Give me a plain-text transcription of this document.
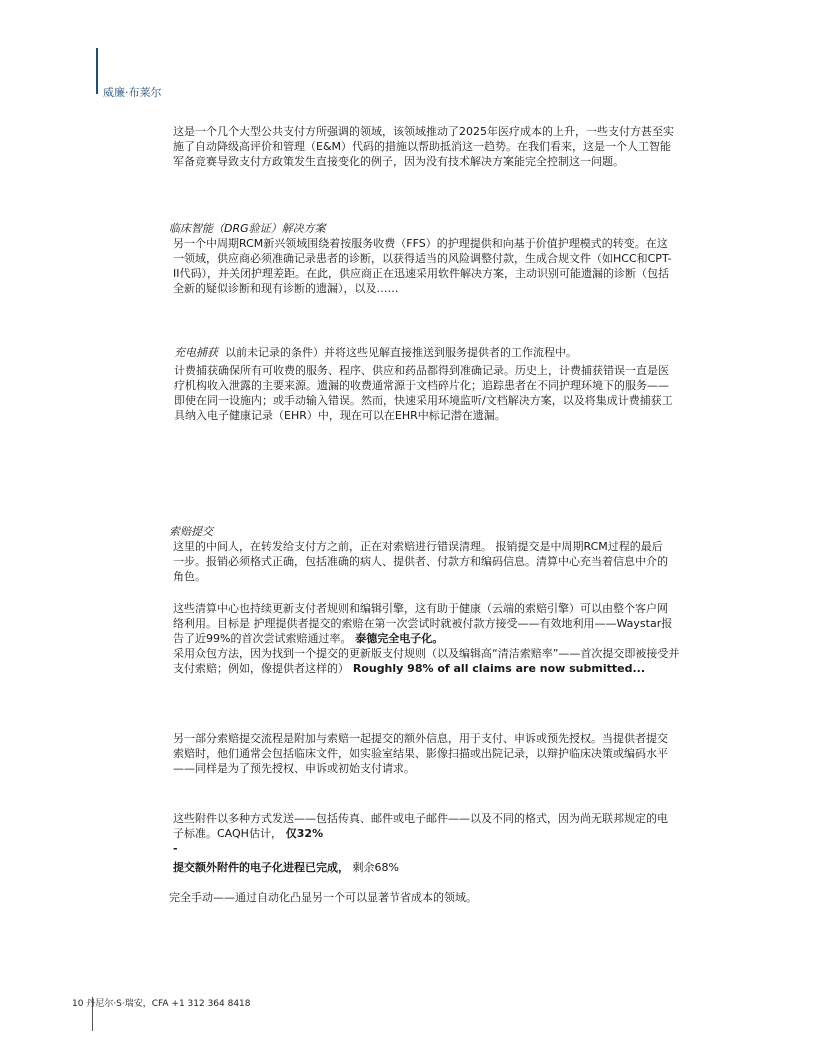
威廉·布莱尔
这是一个几个大型公共支付方所强调的领域，该领域推动了2025年医疗成本的上升，一些支付方甚至实
施了自动降级高评价和管理（E&M）代码的措施以帮助抵消这一趋势。在我们看来，这是一个人工智能
军备竞赛导致支付方政策发生直接变化的例子，因为没有技术解决方案能完全控制这一问题。
临床智能（DRG验证）解决方案
另一个中周期RCM新兴领域围绕着按服务收费（FFS）的护理提供和向基于价值护理模式的转变。在这
一领域，供应商必须准确记录患者的诊断，以获得适当的风险调整付款，生成合规文件（如HCC和CPT-
II代码），并关闭护理差距。在此，供应商正在迅速采用软件解决方案，主动识别可能遗漏的诊断（包括
全新的疑似诊断和现有诊断的遗漏），以及……
充电捕获 以前未记录的条件）并将这些见解直接推送到服务提供者的工作流程中。
计费捕获确保所有可收费的服务、程序、供应和药品都得到准确记录。历史上，计费捕获错误一直是医
疗机构收入泄露的主要来源。遗漏的收费通常源于文档碎片化；追踪患者在不同护理环境下的服务——
即使在同一设施内；或手动输入错误。然而，快速采用环境监听/文档解决方案，以及将集成计费捕获工
具纳入电子健康记录（EHR）中，现在可以在EHR中标记潜在遗漏。
索赔提交
这里的中间人，在转发给支付方之前，正在对索赔进行错误清理。 报销提交是中周期RCM过程的最后
一步。报销必须格式正确，包括准确的病人、提供者、付款方和编码信息。清算中心充当着信息中介的
角色。
这些清算中心也持续更新支付者规则和编辑引擎，这有助于健康（云端的索赔引擎）可以由整个客户网
络利用。目标是 护理提供者提交的索赔在第一次尝试时就被付款方接受——有效地利用——Waystar报
告了近99%的首次尝试索赔通过率。 泰德完全电子化。
采用众包方法，因为找到一个提交的更新版支付规则（以及编辑高“清洁索赔率”——首次提交即被接受并
支付索赔；例如，像提供者这样的） Roughly 98% of all claims are now submitted...
另一部分索赔提交流程是附加与索赔一起提交的额外信息，用于支付、申诉或预先授权。当提供者提交
索赔时，他们通常会包括临床文件，如实验室结果、影像扫描或出院记录，以辩护临床决策或编码水平
——同样是为了预先授权、申诉或初始支付请求。
这些附件以多种方式发送——包括传真、邮件或电子邮件——以及不同的格式，因为尚无联邦规定的电
子标准。CAQH估计， 仅32%
-
提交额外附件的电子化进程已完成， 剩余68%
完全手动——通过自动化凸显另一个可以显著节省成本的领域。
10 丹尼尔·S·瑞安，CFA +1 312 364 8418
